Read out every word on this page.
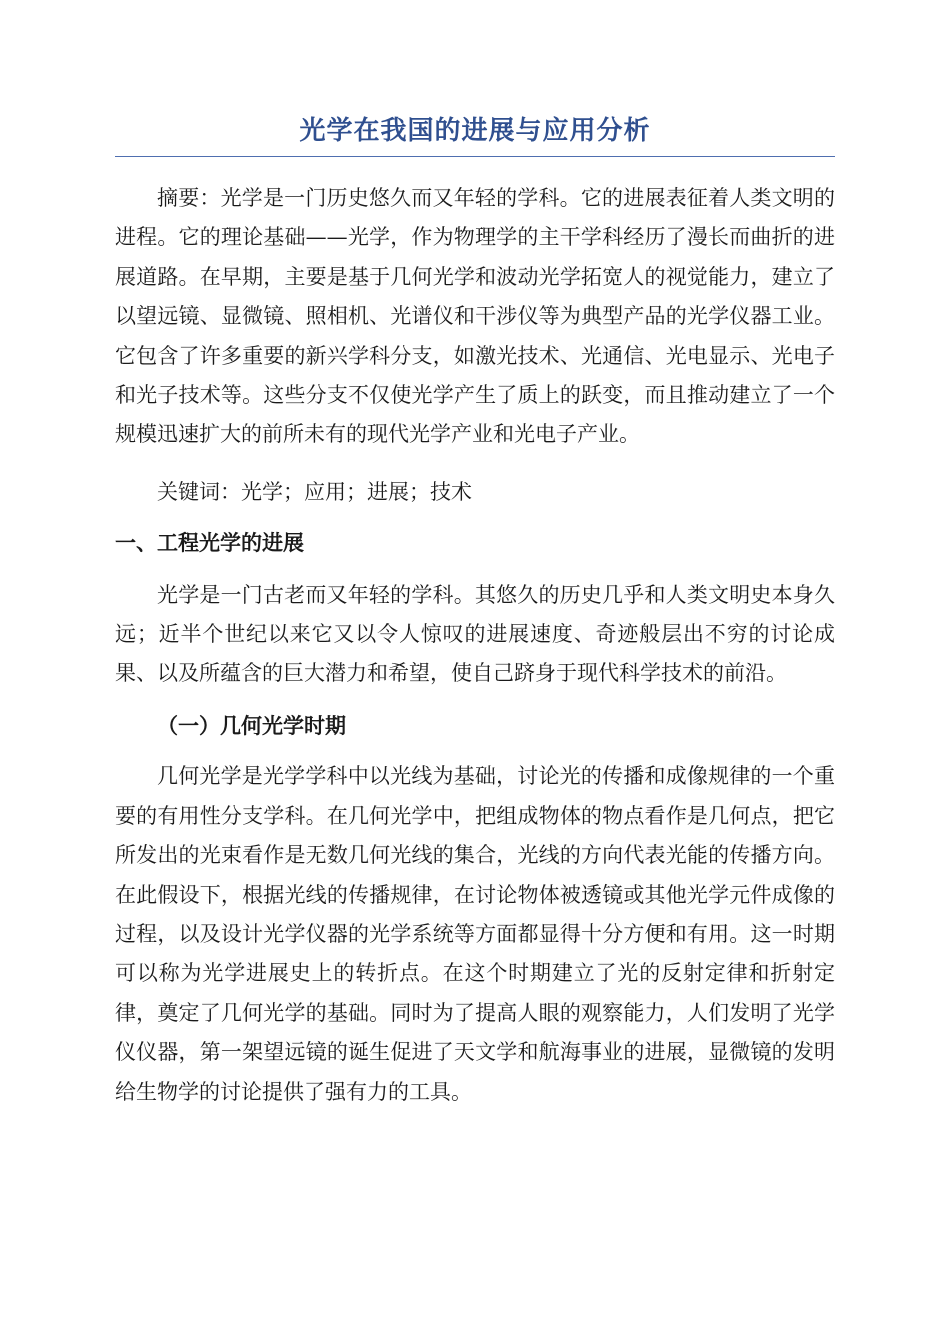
光学在我国的进展与应用分析

摘要：光学是一门历史悠久而又年轻的学科。它的进展表征着人类文明的进程。它的理论基础——光学，作为物理学的主干学科经历了漫长而曲折的进展道路。在早期，主要是基于几何光学和波动光学拓宽人的视觉能力，建立了以望远镜、显微镜、照相机、光谱仪和干涉仪等为典型产品的光学仪器工业。它包含了许多重要的新兴学科分支，如激光技术、光通信、光电显示、光电子和光子技术等。这些分支不仅使光学产生了质上的跃变，而且推动建立了一个规模迅速扩大的前所未有的现代光学产业和光电子产业。

关键词：光学；应用；进展；技术

一、工程光学的进展

光学是一门古老而又年轻的学科。其悠久的历史几乎和人类文明史本身久远；近半个世纪以来它又以令人惊叹的进展速度、奇迹般层出不穷的讨论成果、以及所蕴含的巨大潜力和希望，使自己跻身于现代科学技术的前沿。

（一）几何光学时期

几何光学是光学学科中以光线为基础，讨论光的传播和成像规律的一个重要的有用性分支学科。在几何光学中，把组成物体的物点看作是几何点，把它所发出的光束看作是无数几何光线的集合，光线的方向代表光能的传播方向。在此假设下，根据光线的传播规律，在讨论物体被透镜或其他光学元件成像的过程，以及设计光学仪器的光学系统等方面都显得十分方便和有用。这一时期可以称为光学进展史上的转折点。在这个时期建立了光的反射定律和折射定律，奠定了几何光学的基础。同时为了提高人眼的观察能力，人们发明了光学仪仪器，第一架望远镜的诞生促进了天文学和航海事业的进展，显微镜的发明给生物学的讨论提供了强有力的工具。
